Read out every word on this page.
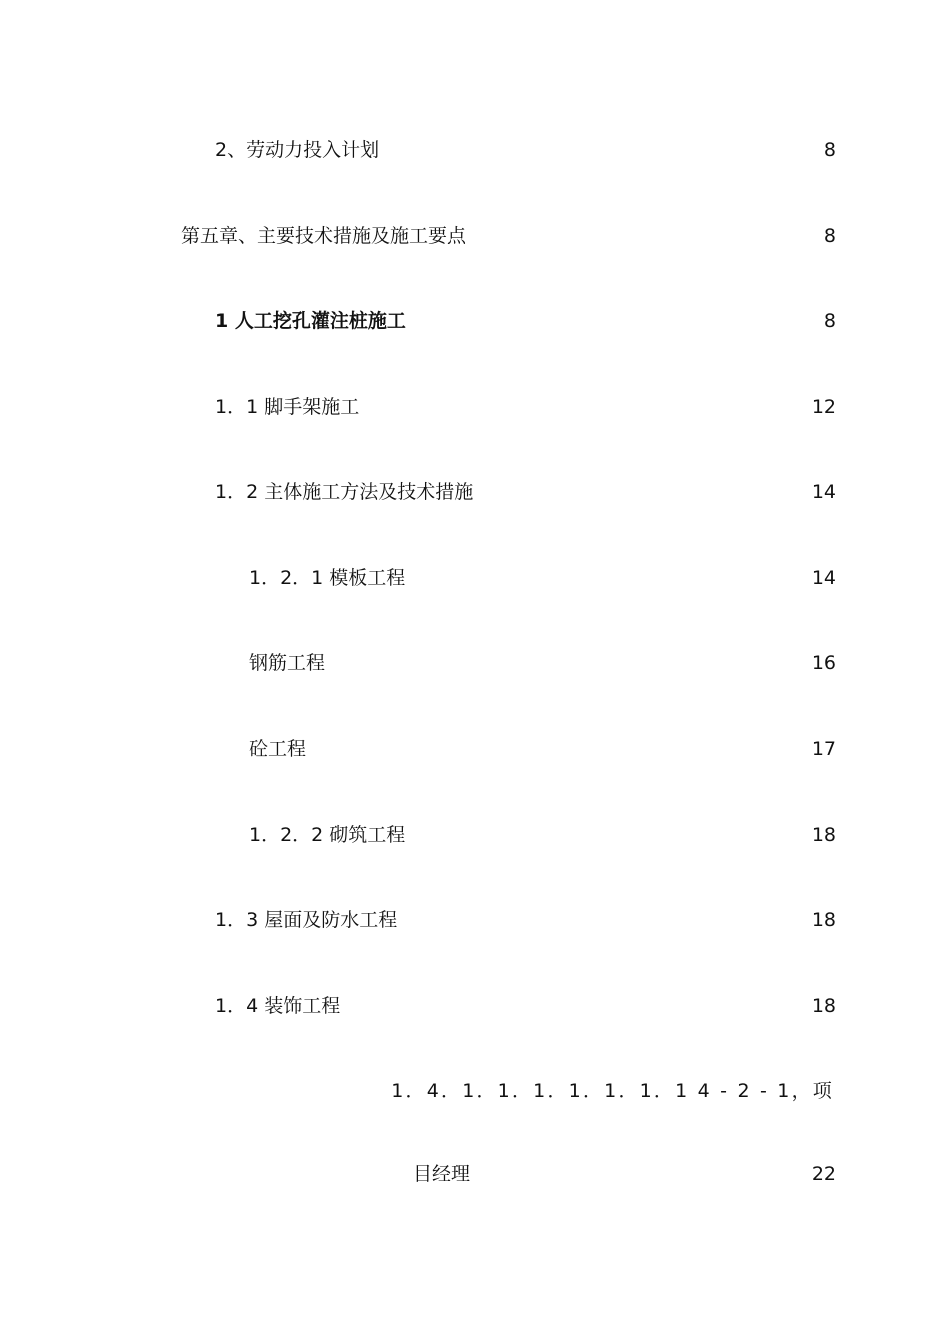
2、劳动力投入计划	8
第五章、主要技术措施及施工要点	8
1 人工挖孔灌注桩施工	8
1．1 脚手架施工	12
1．2 主体施工方法及技术措施	14
1．2．1 模板工程	14
钢筋工程	16
砼工程	17
1．2．2 砌筑工程	18
1．3 屋面及防水工程	18
1．4 装饰工程	18
1．4．1．1．1．1．1．1．1 4 - 2 - 1，项
目经理	22
